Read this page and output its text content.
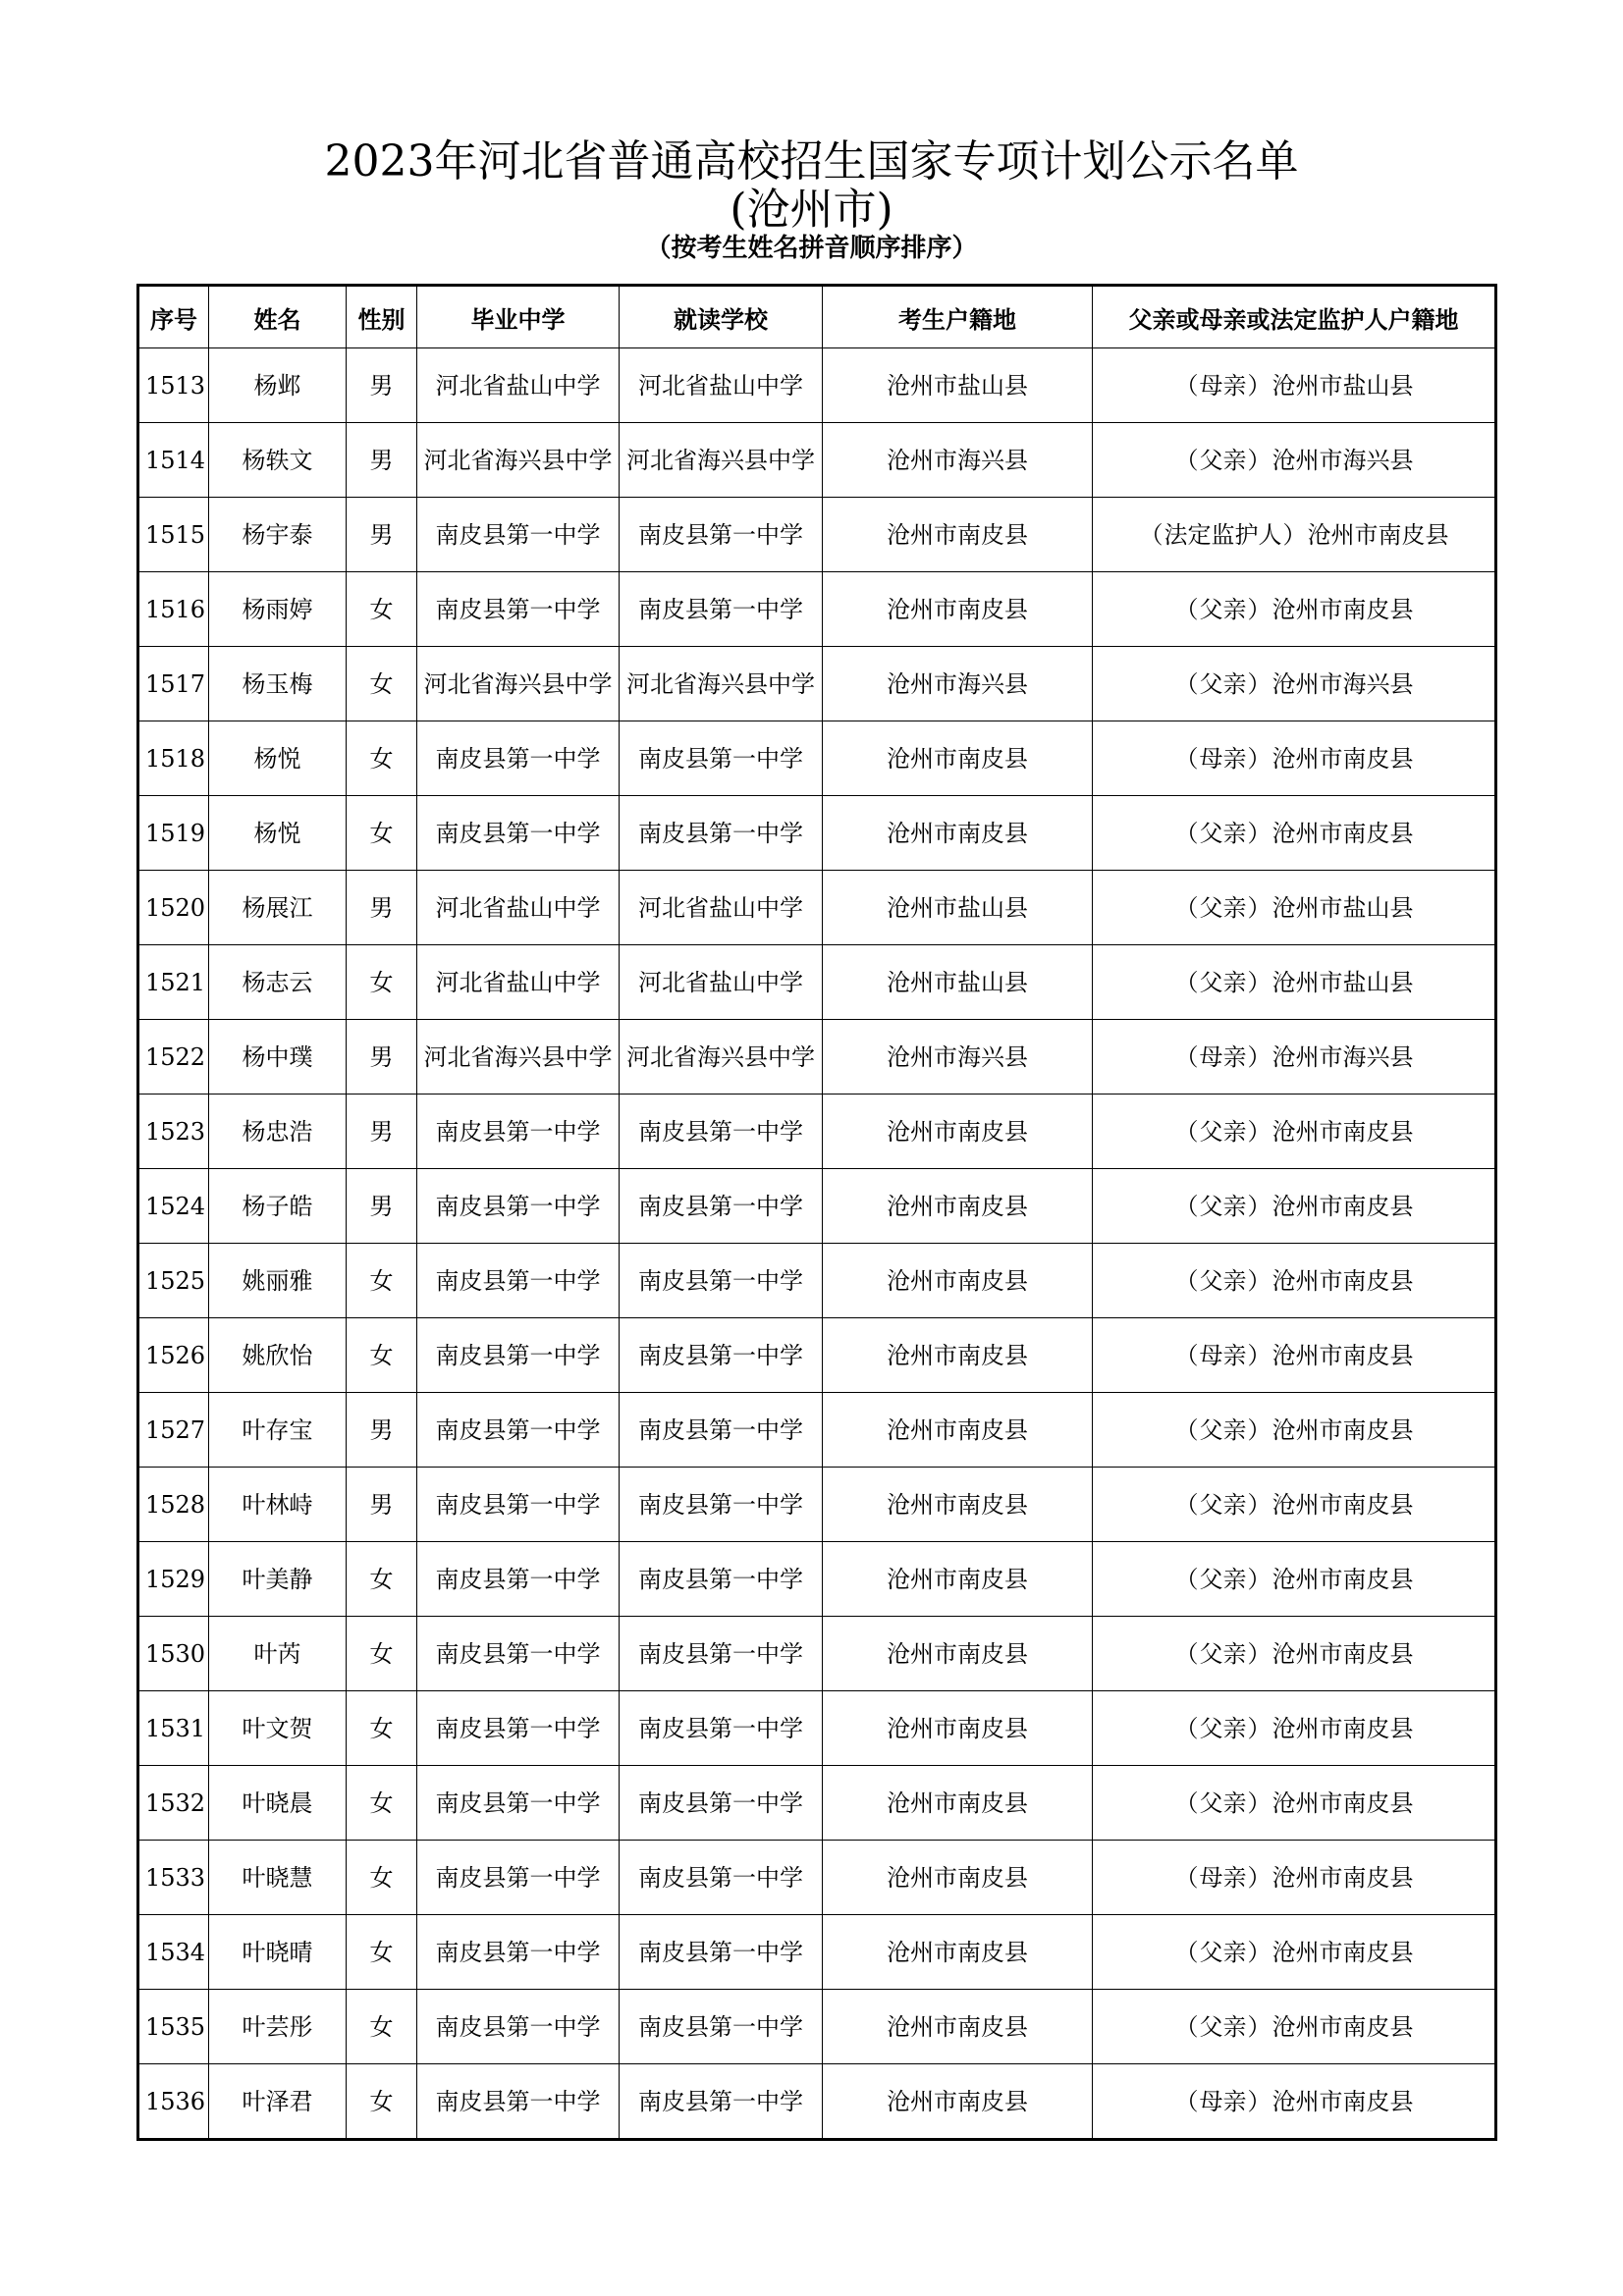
2023年河北省普通高校招生国家专项计划公示名单
(沧州市)
（按考生姓名拼音顺序排序）
序号	姓名	性别	毕业中学	就读学校	考生户籍地	父亲或母亲或法定监护人户籍地
1513	杨邺	男	河北省盐山中学	河北省盐山中学	沧州市盐山县	（母亲）沧州市盐山县
1514	杨轶文	男	河北省海兴县中学	河北省海兴县中学	沧州市海兴县	（父亲）沧州市海兴县
1515	杨宇泰	男	南皮县第一中学	南皮县第一中学	沧州市南皮县	（法定监护人）沧州市南皮县
1516	杨雨婷	女	南皮县第一中学	南皮县第一中学	沧州市南皮县	（父亲）沧州市南皮县
1517	杨玉梅	女	河北省海兴县中学	河北省海兴县中学	沧州市海兴县	（父亲）沧州市海兴县
1518	杨悦	女	南皮县第一中学	南皮县第一中学	沧州市南皮县	（母亲）沧州市南皮县
1519	杨悦	女	南皮县第一中学	南皮县第一中学	沧州市南皮县	（父亲）沧州市南皮县
1520	杨展江	男	河北省盐山中学	河北省盐山中学	沧州市盐山县	（父亲）沧州市盐山县
1521	杨志云	女	河北省盐山中学	河北省盐山中学	沧州市盐山县	（父亲）沧州市盐山县
1522	杨中璞	男	河北省海兴县中学	河北省海兴县中学	沧州市海兴县	（母亲）沧州市海兴县
1523	杨忠浩	男	南皮县第一中学	南皮县第一中学	沧州市南皮县	（父亲）沧州市南皮县
1524	杨子皓	男	南皮县第一中学	南皮县第一中学	沧州市南皮县	（父亲）沧州市南皮县
1525	姚丽雅	女	南皮县第一中学	南皮县第一中学	沧州市南皮县	（父亲）沧州市南皮县
1526	姚欣怡	女	南皮县第一中学	南皮县第一中学	沧州市南皮县	（母亲）沧州市南皮县
1527	叶存宝	男	南皮县第一中学	南皮县第一中学	沧州市南皮县	（父亲）沧州市南皮县
1528	叶林峙	男	南皮县第一中学	南皮县第一中学	沧州市南皮县	（父亲）沧州市南皮县
1529	叶美静	女	南皮县第一中学	南皮县第一中学	沧州市南皮县	（父亲）沧州市南皮县
1530	叶芮	女	南皮县第一中学	南皮县第一中学	沧州市南皮县	（父亲）沧州市南皮县
1531	叶文贺	女	南皮县第一中学	南皮县第一中学	沧州市南皮县	（父亲）沧州市南皮县
1532	叶晓晨	女	南皮县第一中学	南皮县第一中学	沧州市南皮县	（父亲）沧州市南皮县
1533	叶晓慧	女	南皮县第一中学	南皮县第一中学	沧州市南皮县	（母亲）沧州市南皮县
1534	叶晓晴	女	南皮县第一中学	南皮县第一中学	沧州市南皮县	（父亲）沧州市南皮县
1535	叶芸彤	女	南皮县第一中学	南皮县第一中学	沧州市南皮县	（父亲）沧州市南皮县
1536	叶泽君	女	南皮县第一中学	南皮县第一中学	沧州市南皮县	（母亲）沧州市南皮县
